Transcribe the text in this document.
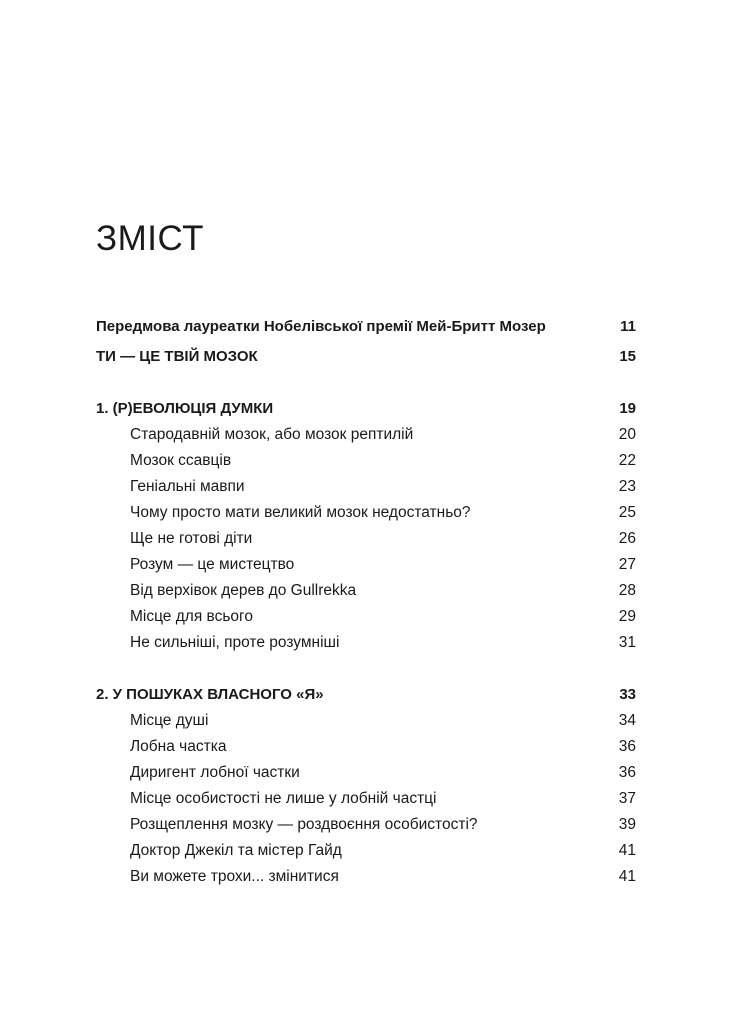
ЗМІСТ
Передмова лауреатки Нобелівської премії Мей-Бритт Мозер	11
ТИ — ЦЕ ТВІЙ МОЗОК	15
1. (Р)ЕВОЛЮЦІЯ ДУМКИ	19
Стародавній мозок, або мозок рептилій	20
Мозок ссавців	22
Геніальні мавпи	23
Чому просто мати великий мозок недостатньо?	25
Ще не готові діти	26
Розум — це мистецтво	27
Від верхівок дерев до Gullrekka	28
Місце для всього	29
Не сильніші, проте розумніші	31
2. У ПОШУКАХ ВЛАСНОГО «Я»	33
Місце душі	34
Лобна частка	36
Диригент лобної частки	36
Місце особистості не лише у лобній частці	37
Розщеплення мозку — роздвоєння особистості?	39
Доктор Джекіл та містер Гайд	41
Ви можете трохи... змінитися	41
